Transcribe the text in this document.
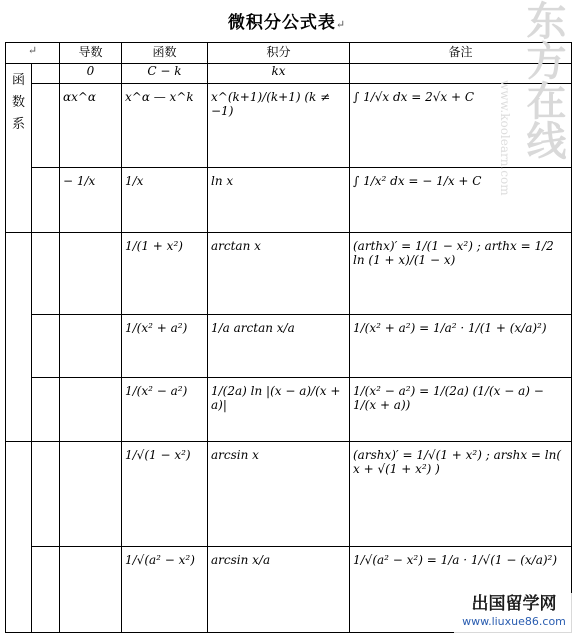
微积分公式表↵
↵		导数	函数	积分	备注

函数系		0	C − k	kx	

		αx^α	x^α — x^k	x^(k+1)/(k+1) (k ≠ −1)	∫ 1/√x dx = 2√x + C

		− 1/x	1/x	ln x	∫ 1/x² dx = − 1/x + C

			1/(1 + x²)	arctan x	(arthx)′ = 1/(1 − x²) ; arthx = 1/2 ln (1 + x)/(1 − x)

			1/(x² + a²)	1/a arctan x/a	1/(x² + a²) = 1/a² · 1/(1 + (x/a)²)

			1/(x² − a²)	1/(2a) ln |(x − a)/(x + a)|	1/(x² − a²) = 1/(2a) (1/(x − a) − 1/(x + a))

			1/√(1 − x²)	arcsin x	(arshx)′ = 1/√(1 + x²) ; arshx = ln( x + √(1 + x²) )

			1/√(a² − x²)	arcsin x/a	1/√(a² − x²) = 1/a · 1/√(1 − (x/a)²)
东方在线
www.koolearn.com
出国留学网
www.liuxue86.com
